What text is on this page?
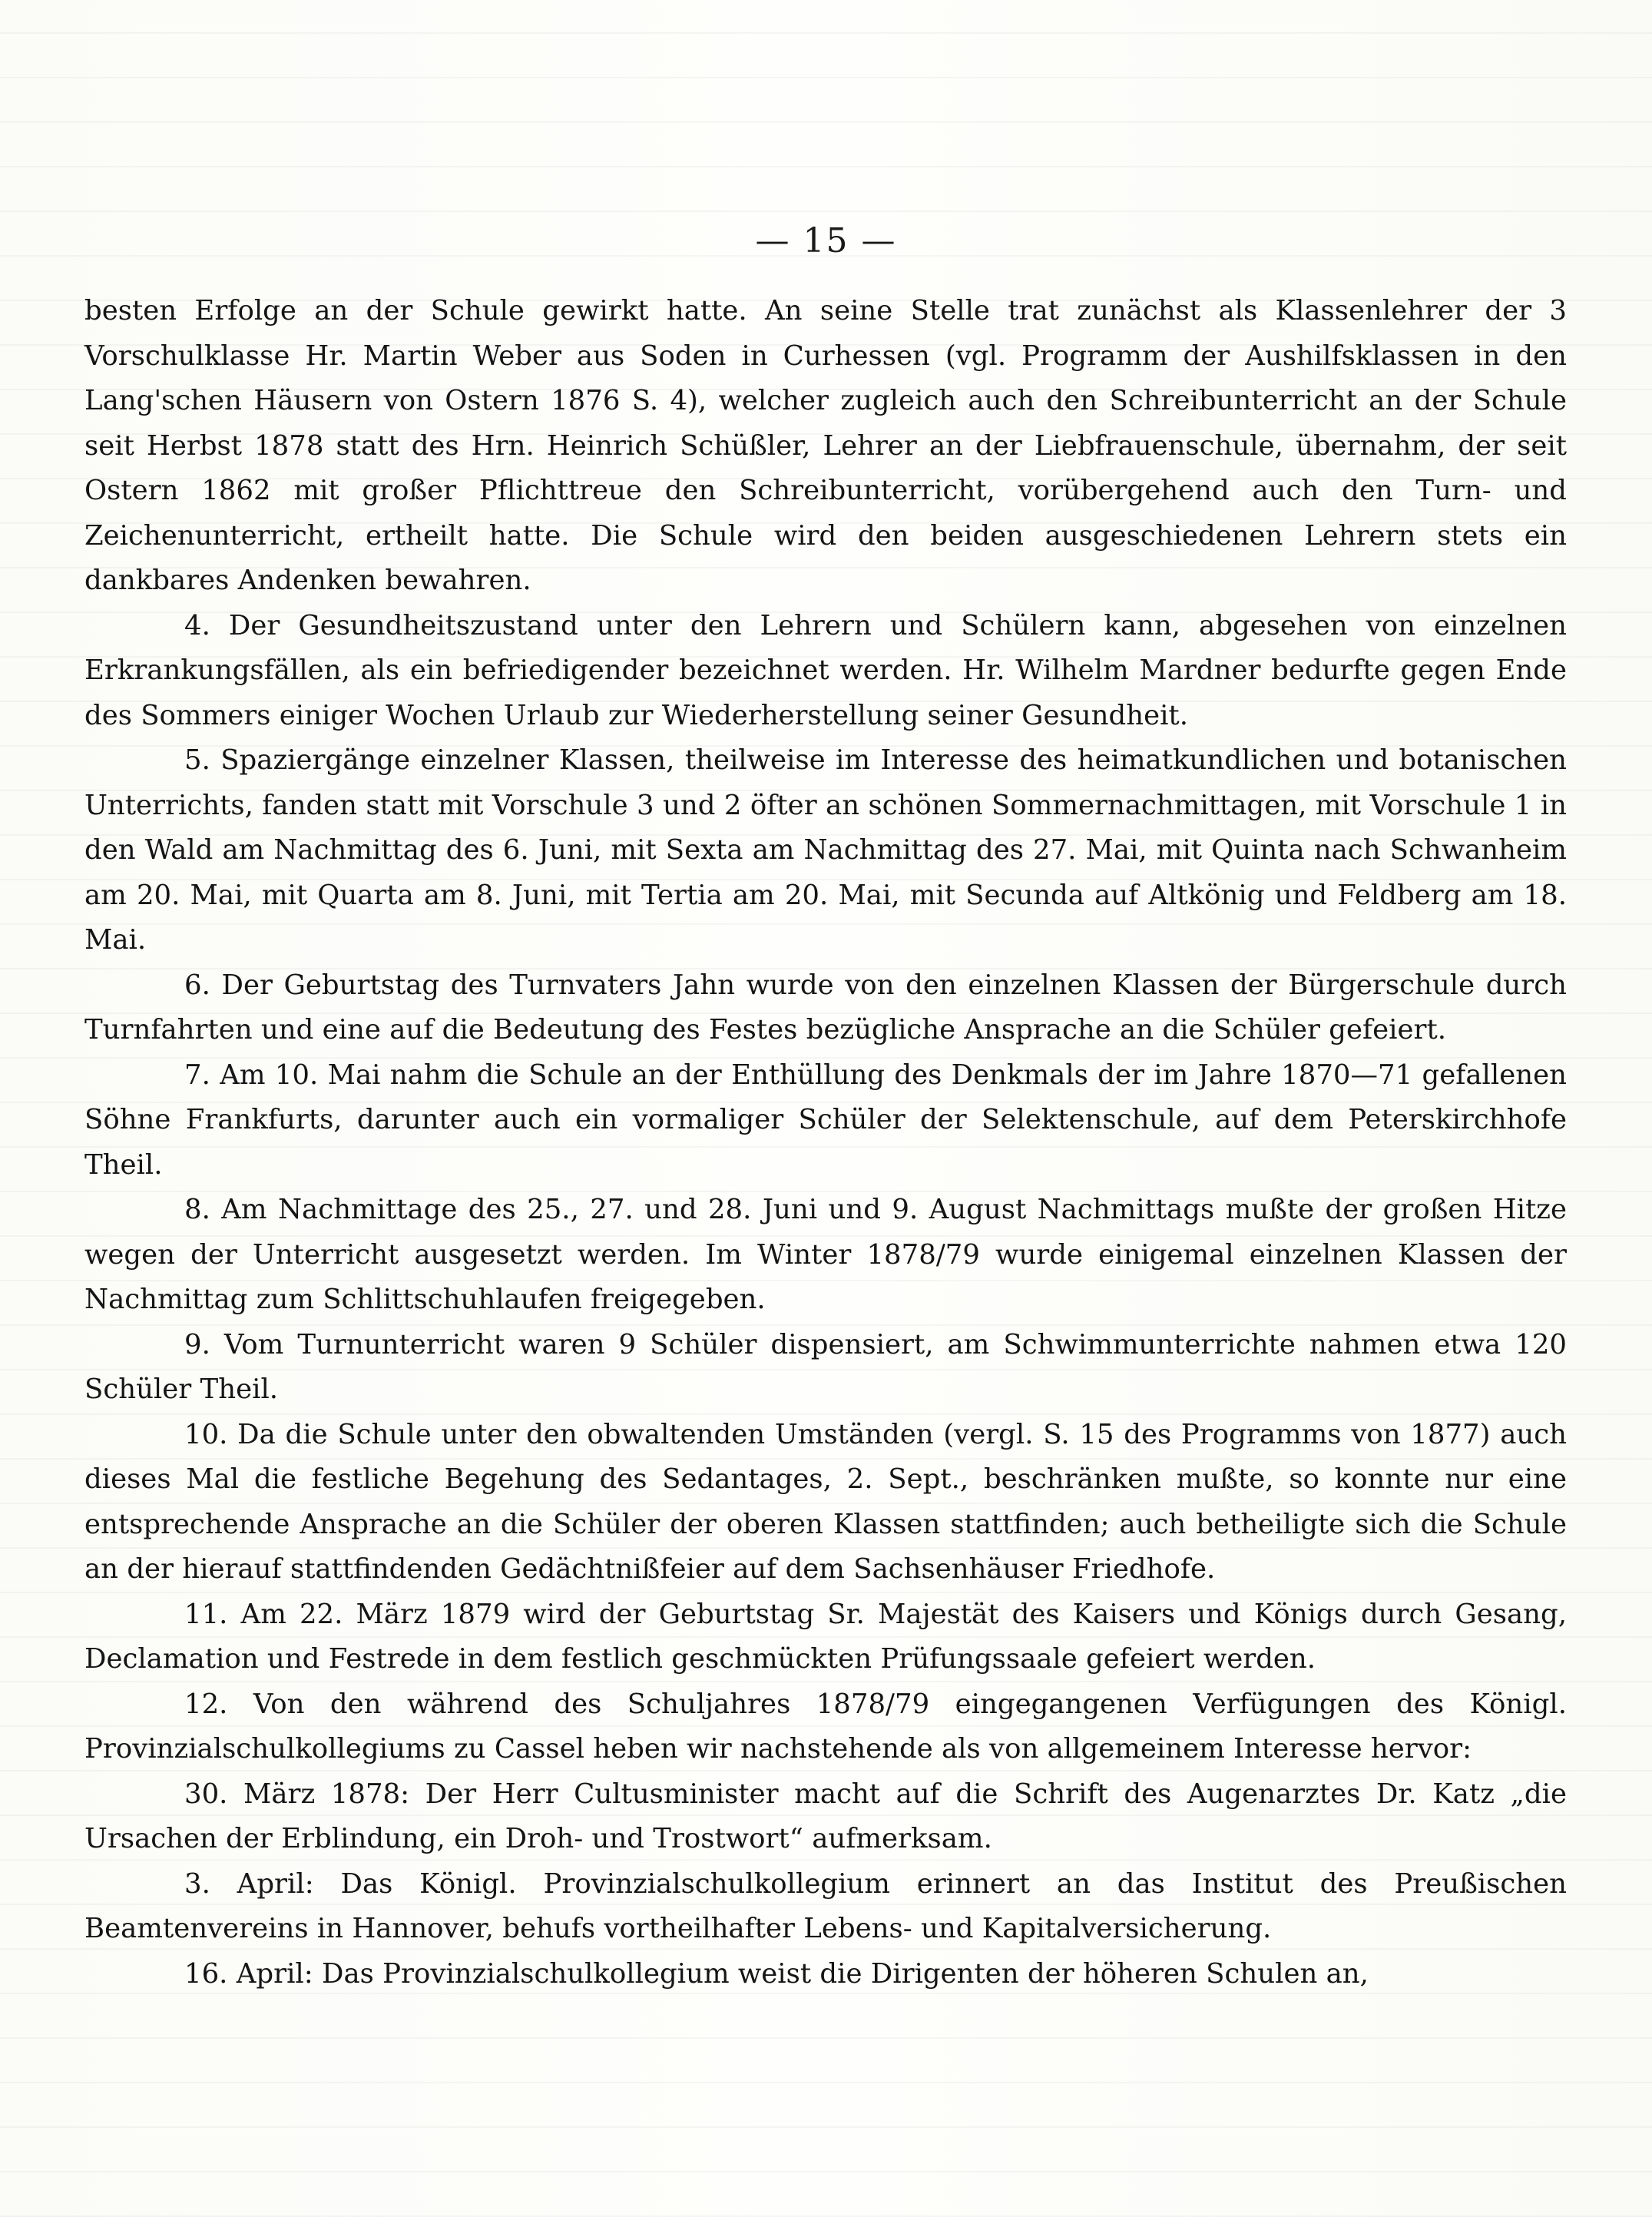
— 15 —

besten Erfolge an der Schule gewirkt hatte. An seine Stelle trat zunächst als Klassenlehrer der 3 Vorschulklasse Hr. Martin Weber aus Soden in Curhessen (vgl. Programm der Aushilfsklassen in den Lang'schen Häusern von Ostern 1876 S. 4), welcher zugleich auch den Schreibunterricht an der Schule seit Herbst 1878 statt des Hrn. Heinrich Schüßler, Lehrer an der Liebfrauenschule, übernahm, der seit Ostern 1862 mit großer Pflichttreue den Schreibunterricht, vorübergehend auch den Turn- und Zeichenunterricht, ertheilt hatte. Die Schule wird den beiden ausgeschiedenen Lehrern stets ein dankbares Andenken bewahren.

4. Der Gesundheitszustand unter den Lehrern und Schülern kann, abgesehen von einzelnen Erkrankungsfällen, als ein befriedigender bezeichnet werden. Hr. Wilhelm Mardner bedurfte gegen Ende des Sommers einiger Wochen Urlaub zur Wiederherstellung seiner Gesundheit.

5. Spaziergänge einzelner Klassen, theilweise im Interesse des heimatkundlichen und botanischen Unterrichts, fanden statt mit Vorschule 3 und 2 öfter an schönen Sommernachmittagen, mit Vorschule 1 in den Wald am Nachmittag des 6. Juni, mit Sexta am Nachmittag des 27. Mai, mit Quinta nach Schwanheim am 20. Mai, mit Quarta am 8. Juni, mit Tertia am 20. Mai, mit Secunda auf Altkönig und Feldberg am 18. Mai.

6. Der Geburtstag des Turnvaters Jahn wurde von den einzelnen Klassen der Bürgerschule durch Turnfahrten und eine auf die Bedeutung des Festes bezügliche Ansprache an die Schüler gefeiert.

7. Am 10. Mai nahm die Schule an der Enthüllung des Denkmals der im Jahre 1870—71 gefallenen Söhne Frankfurts, darunter auch ein vormaliger Schüler der Selektenschule, auf dem Peterskirchhofe Theil.

8. Am Nachmittage des 25., 27. und 28. Juni und 9. August Nachmittags mußte der großen Hitze wegen der Unterricht ausgesetzt werden. Im Winter 1878/79 wurde einigemal einzelnen Klassen der Nachmittag zum Schlittschuhlaufen freigegeben.

9. Vom Turnunterricht waren 9 Schüler dispensiert, am Schwimmunterrichte nahmen etwa 120 Schüler Theil.

10. Da die Schule unter den obwaltenden Umständen (vergl. S. 15 des Programms von 1877) auch dieses Mal die festliche Begehung des Sedantages, 2. Sept., beschränken mußte, so konnte nur eine entsprechende Ansprache an die Schüler der oberen Klassen stattfinden; auch betheiligte sich die Schule an der hierauf stattfindenden Gedächtnißfeier auf dem Sachsenhäuser Friedhofe.

11. Am 22. März 1879 wird der Geburtstag Sr. Majestät des Kaisers und Königs durch Gesang, Declamation und Festrede in dem festlich geschmückten Prüfungssaale gefeiert werden.

12. Von den während des Schuljahres 1878/79 eingegangenen Verfügungen des Königl. Provinzialschulkollegiums zu Cassel heben wir nachstehende als von allgemeinem Interesse hervor:

30. März 1878: Der Herr Cultusminister macht auf die Schrift des Augenarztes Dr. Katz „die Ursachen der Erblindung, ein Droh- und Trostwort“ aufmerksam.

3. April: Das Königl. Provinzialschulkollegium erinnert an das Institut des Preußischen Beamtenvereins in Hannover, behufs vortheilhafter Lebens- und Kapitalversicherung.

16. April: Das Provinzialschulkollegium weist die Dirigenten der höheren Schulen an,
